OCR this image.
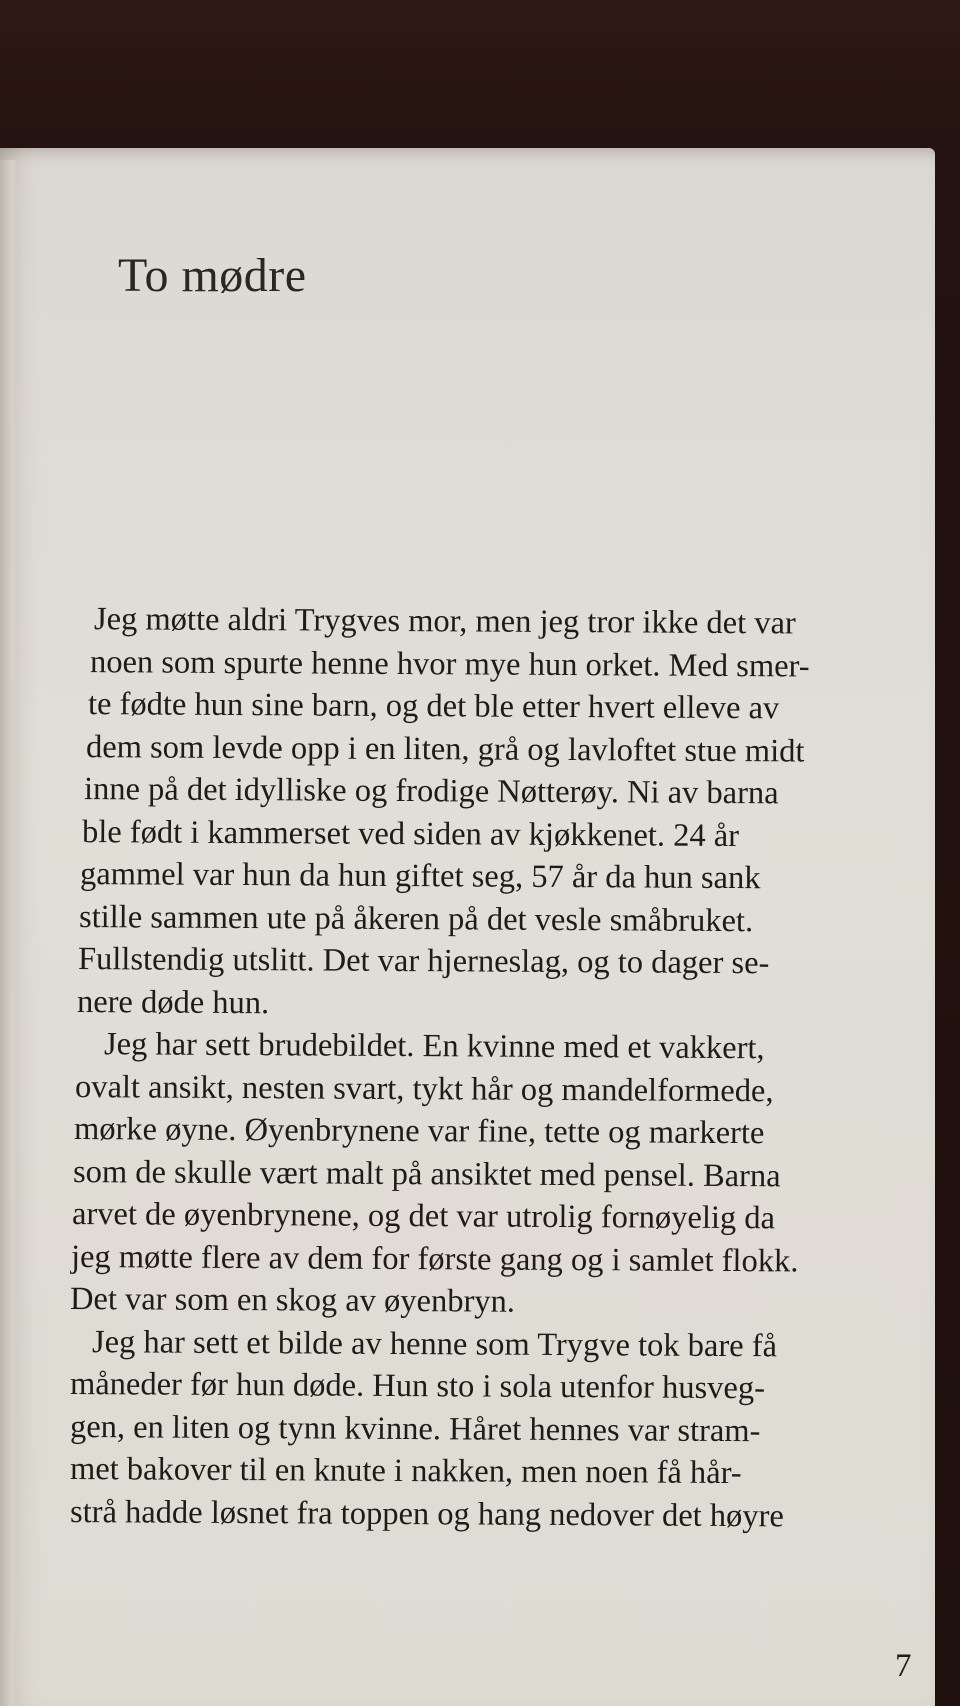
To mødre
Jeg møtte aldri Trygves mor, men jeg tror ikke det var
noen som spurte henne hvor mye hun orket. Med smer-
te fødte hun sine barn, og det ble etter hvert elleve av
dem som levde opp i en liten, grå og lavloftet stue midt
inne på det idylliske og frodige Nøtterøy. Ni av barna
ble født i kammerset ved siden av kjøkkenet. 24 år
gammel var hun da hun giftet seg, 57 år da hun sank
stille sammen ute på åkeren på det vesle småbruket.
Fullstendig utslitt. Det var hjerneslag, og to dager se-
nere døde hun.
Jeg har sett brudebildet. En kvinne med et vakkert,
ovalt ansikt, nesten svart, tykt hår og mandelformede,
mørke øyne. Øyenbrynene var fine, tette og markerte
som de skulle vært malt på ansiktet med pensel. Barna
arvet de øyenbrynene, og det var utrolig fornøyelig da
jeg møtte flere av dem for første gang og i samlet flokk.
Det var som en skog av øyenbryn.
Jeg har sett et bilde av henne som Trygve tok bare få
måneder før hun døde. Hun sto i sola utenfor husveg-
gen, en liten og tynn kvinne. Håret hennes var stram-
met bakover til en knute i nakken, men noen få hår-
strå hadde løsnet fra toppen og hang nedover det høyre
7
